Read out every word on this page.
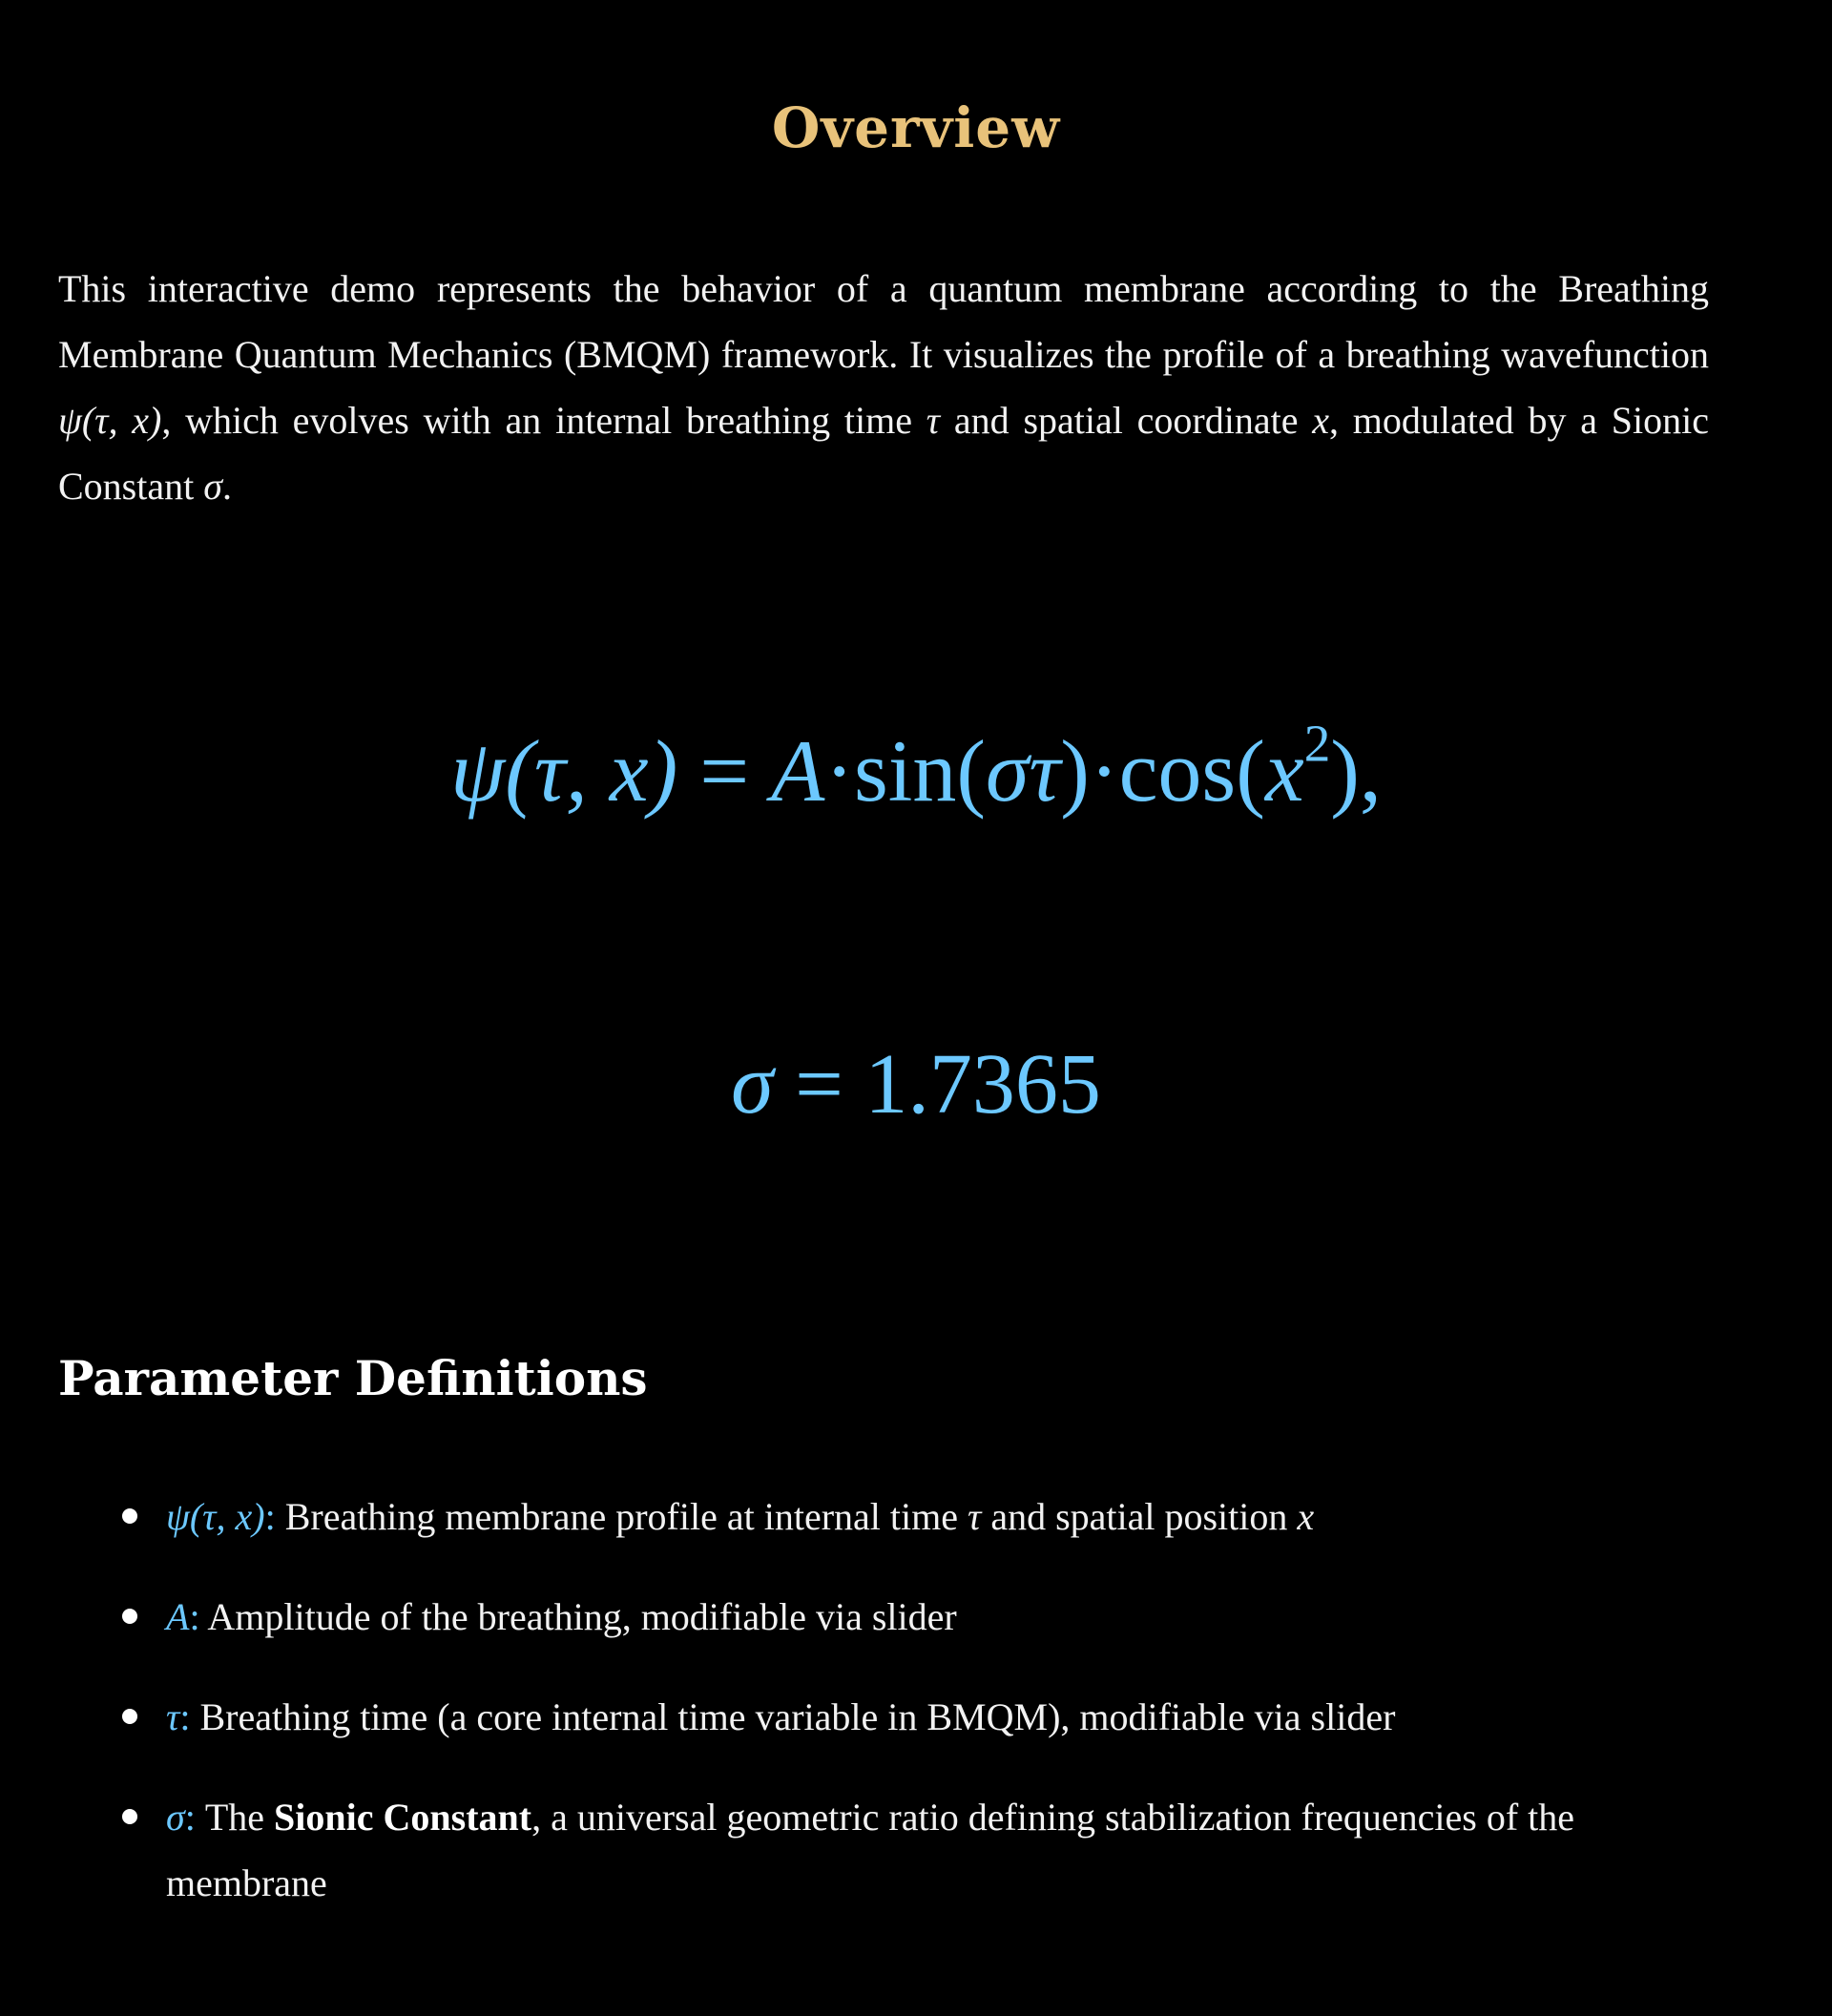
Overview

This interactive demo represents the behavior of a quantum membrane according to the Breathing Membrane Quantum Mechanics (BMQM) framework. It visualizes the profile of a breathing wavefunction ψ(τ, x), which evolves with an internal breathing time τ and spatial coordinate x, modulated by a Sionic Constant σ.

ψ(τ, $x) = A\cdot\sin(\sigma\tau)\cdot\cos(x^2)$,
σ = 1.7365
Parameter Definitions
ψ(τ, x): Breathing membrane profile at internal time τ and spatial position x
A: Amplitude of the breathing, modifiable via slider
τ: Breathing time (a core internal time variable in BMQM), modifiable via slider
σ: The Sionic Constant, a universal geometric ratio defining stabilization frequencies of the membrane
